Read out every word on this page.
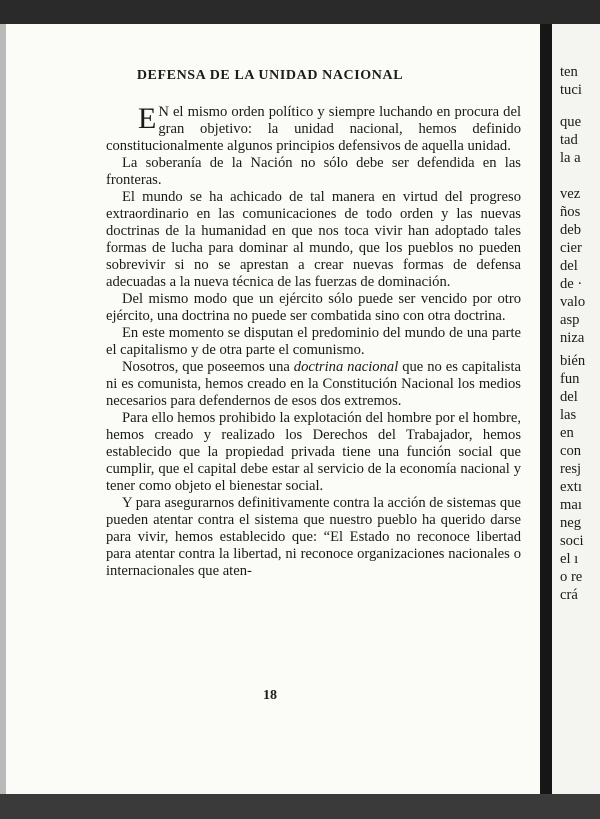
DEFENSA DE LA UNIDAD NACIONAL

E N el mismo orden político y siempre luchando en procura del gran objetivo: la unidad nacional, hemos definido constitucionalmente algunos principios defensivos de aquella unidad.

La soberanía de la Nación no sólo debe ser defendida en las fronteras.

El mundo se ha achicado de tal manera en virtud del progreso extraordinario en las comunicaciones de todo orden y las nuevas doctrinas de la humanidad en que nos toca vivir han adoptado tales formas de lucha para dominar al mundo, que los pueblos no pueden sobrevivir si no se aprestan a crear nuevas formas de defensa adecuadas a la nueva técnica de las fuerzas de dominación.

Del mismo modo que un ejército sólo puede ser vencido por otro ejército, una doctrina no puede ser combatida sino con otra doctrina.

En este momento se disputan el predominio del mundo de una parte el capitalismo y de otra parte el comunismo.

Nosotros, que poseemos una doctrina nacional que no es capitalista ni es comunista, hemos creado en la Constitución Nacional los medios necesarios para defendernos de esos dos extremos.

Para ello hemos prohibido la explotación del hombre por el hombre, hemos creado y realizado los Derechos del Trabajador, hemos establecido que la propiedad privada tiene una función social que cumplir, que el capital debe estar al servicio de la economía nacional y tener como objeto el bienestar social.

Y para asegurarnos definitivamente contra la acción de sistemas que pueden atentar contra el sistema que nuestro pueblo ha querido darse para vivir, hemos establecido que: “El Estado no reconoce libertad para atentar contra la libertad, ni reconoce organizaciones nacionales o internacionales que aten-

18
ten
tuci
que
tad
la a
vez
ños
deb
cier
del
de ·
valo
asp
niza
bién
fun
del
las
en
con
resj
extı
maı
neg
soci
el ı
o re
crá
